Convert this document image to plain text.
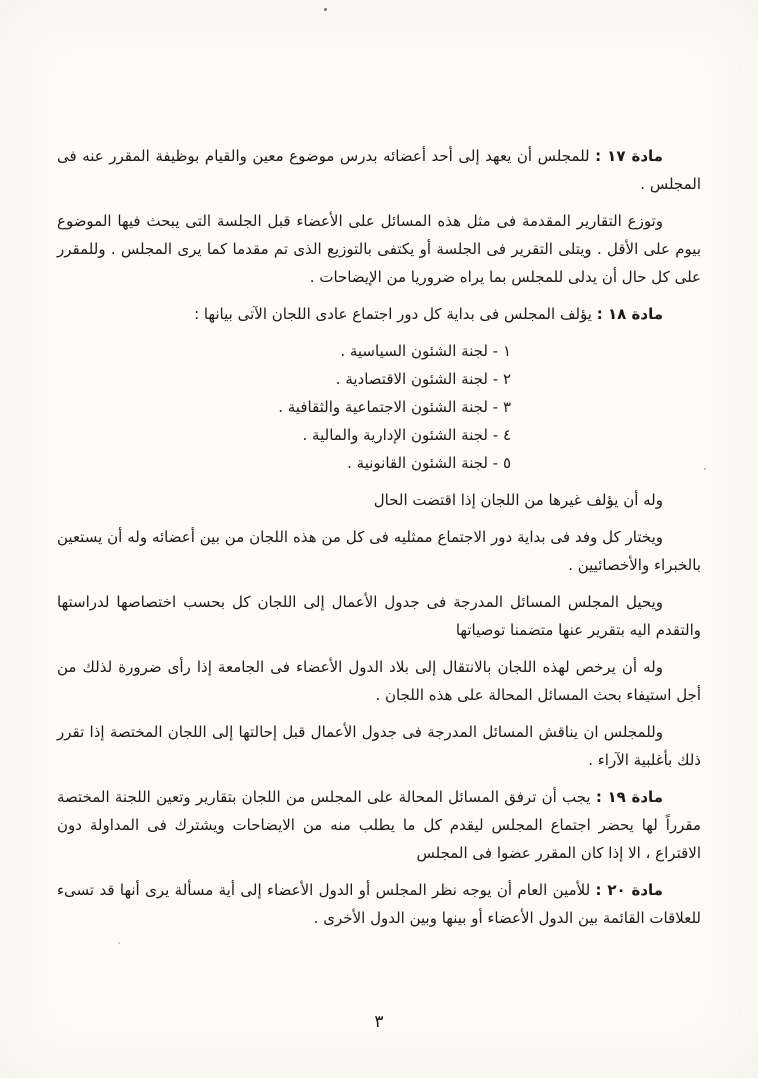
مادة ١٧ : للمجلس أن يعهد إلى أحد أعضائه بدرس موضوع معين والقيام بوظيفة المقرر عنه فى المجلس .

وتوزع التقارير المقدمة فى مثل هذه المسائل على الأعضاء قبل الجلسة التى يبحث فيها الموضوع بيوم على الأقل . ويتلى التقرير فى الجلسة أو يكتفى بالتوزيع الذى تم مقدما كما يرى المجلس . وللمقرر على كل حال أن يدلى للمجلس بما يراه ضروريا من الإيضاحات .

مادة ١٨ : يؤلف المجلس فى بداية كل دور اجتماع عادى اللجان الآتى بيانها :

١ - لجنة الشئون السياسية .
٢ - لجنة الشئون الاقتصادية .
٣ - لجنة الشئون الاجتماعية والثقافية .
٤ - لجنة الشئون الإدارية والمالية .
٥ - لجنة الشئون القانونية .

وله أن يؤلف غيرها من اللجان إذا اقتضت الحال

ويختار كل وفد فى بداية دور الاجتماع ممثليه فى كل من هذه اللجان من بين أعضائه وله أن يستعين بالخبراء والأخصائيين .

ويحيل المجلس المسائل المدرجة فى جدول الأعمال إلى اللجان كل بحسب اختصاصها لدراستها والتقدم اليه بتقرير عنها متضمنا توصياتها

وله أن يرخص لهذه اللجان بالانتقال إلى بلاد الدول الأعضاء فى الجامعة إذا رأى ضرورة لذلك من أجل استيفاء بحث المسائل المحالة على هذه اللجان .

وللمجلس ان يناقش المسائل المدرجة فى جدول الأعمال قبل إحالتها إلى اللجان المختصة إذا تقرر ذلك بأغلبية الآراء .

مادة ١٩ : يجب أن ترفق المسائل المحالة على المجلس من اللجان بتقارير وتعين اللجنة المختصة مقرراً لها يحضر اجتماع المجلس ليقدم كل ما يطلب منه من الايضاحات ويشترك فى المداولة دون الاقتراع ، الا إذا كان المقرر عضوا فى المجلس

مادة ٢٠ : للأمين العام أن يوجه نظر المجلس أو الدول الأعضاء إلى أية مسألة يرى أنها قد تسىء للعلاقات القائمة بين الدول الأعضاء أو بينها وبين الدول الأخرى .

٣
